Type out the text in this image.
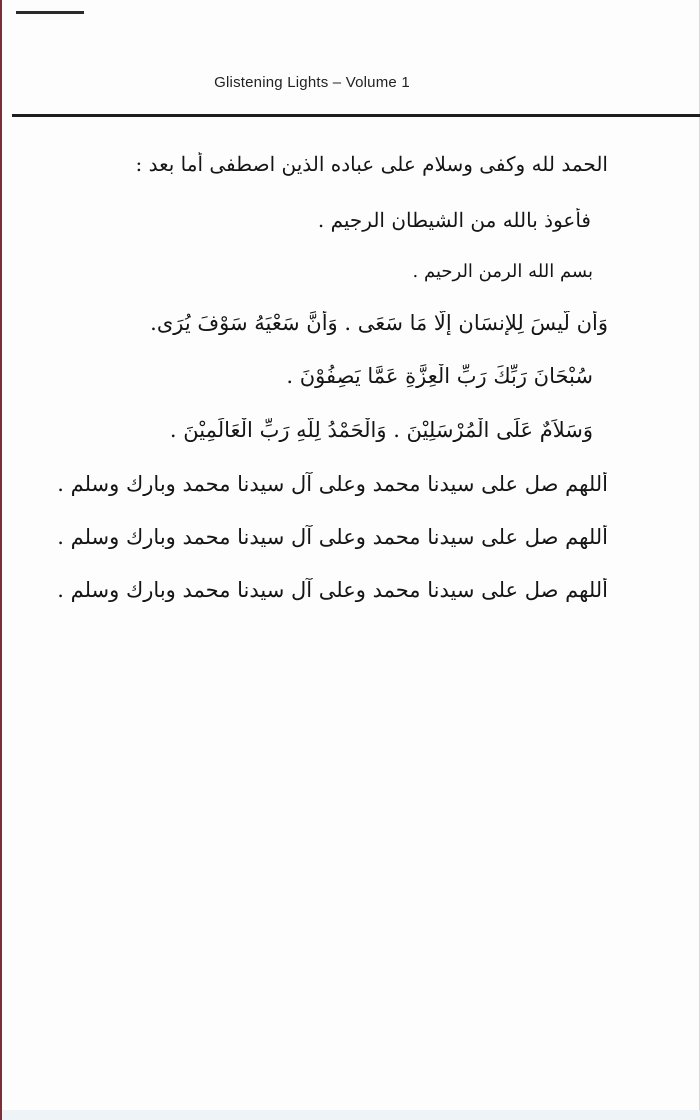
Glistening Lights – Volume 1
الحمد لله وكفى وسلام على عباده الذين اصطفى أما بعد :
فأعوذ بالله من الشيطان الرجيم .
بسم الله الرمن الرحيم .
وَأن لَّيسَ لِلإِنسَانِ إِلَّا مَا سَعَى . وَأَنَّ سَعْيَهُ سَوْفَ يُرَى.
سُبْحَانَ رَبِّكَ رَبِّ الْعِزَّةِ عَمَّا يَصِفُوْنَ .
وَسَلاَمٌ عَلَى الْمُرْسَلِيْنَ . وَالْحَمْدُ لِلَّهِ رَبِّ الْعَالَمِيْنَ .
أللهم صل على سيدنا محمد وعلى آل سيدنا محمد وبارك وسلم .
أللهم صل على سيدنا محمد وعلى آل سيدنا محمد وبارك وسلم .
أللهم صل على سيدنا محمد وعلى آل سيدنا محمد وبارك وسلم .
